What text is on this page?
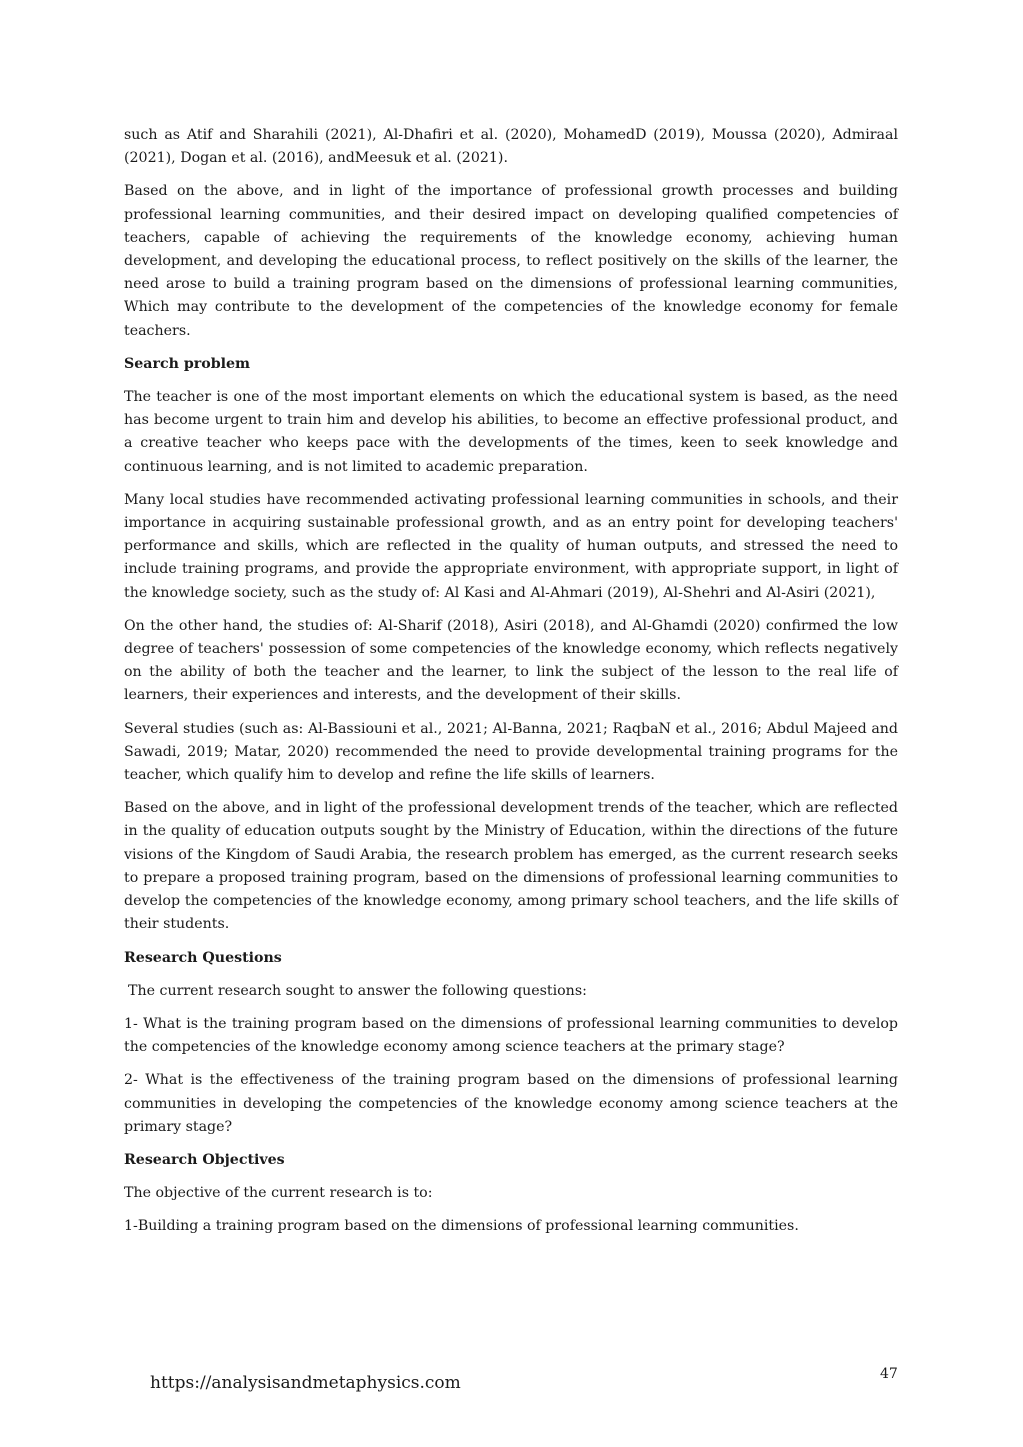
such as Atif and Sharahili (2021), Al-Dhafiri et al. (2020), MohamedD (2019), Moussa (2020), Admiraal (2021), Dogan et al. (2016), andMeesuk et al. (2021).

Based on the above, and in light of the importance of professional growth processes and building professional learning communities, and their desired impact on developing qualified competencies of teachers, capable of achieving the requirements of the knowledge economy, achieving human development, and developing the educational process, to reflect positively on the skills of the learner, the need arose to build a training program based on the dimensions of professional learning communities, Which may contribute to the development of the competencies of the knowledge economy for female teachers.

Search problem

The teacher is one of the most important elements on which the educational system is based, as the need has become urgent to train him and develop his abilities, to become an effective professional product, and a creative teacher who keeps pace with the developments of the times, keen to seek knowledge and continuous learning, and is not limited to academic preparation.

Many local studies have recommended activating professional learning communities in schools, and their importance in acquiring sustainable professional growth, and as an entry point for developing teachers' performance and skills, which are reflected in the quality of human outputs, and stressed the need to include training programs, and provide the appropriate environment, with appropriate support, in light of the knowledge society, such as the study of: Al Kasi and Al-Ahmari (2019), Al-Shehri and Al-Asiri (2021),

On the other hand, the studies of: Al-Sharif (2018), Asiri (2018), and Al-Ghamdi (2020) confirmed the low degree of teachers' possession of some competencies of the knowledge economy, which reflects negatively on the ability of both the teacher and the learner, to link the subject of the lesson to the real life of learners, their experiences and interests, and the development of their skills.

Several studies (such as: Al-Bassiouni et al., 2021; Al-Banna, 2021; RaqbaN et al., 2016; Abdul Majeed and Sawadi, 2019; Matar, 2020) recommended the need to provide developmental training programs for the teacher, which qualify him to develop and refine the life skills of learners.

Based on the above, and in light of the professional development trends of the teacher, which are reflected in the quality of education outputs sought by the Ministry of Education, within the directions of the future visions of the Kingdom of Saudi Arabia, the research problem has emerged, as the current research seeks to prepare a proposed training program, based on the dimensions of professional learning communities to develop the competencies of the knowledge economy, among primary school teachers, and the life skills of their students.

Research Questions

The current research sought to answer the following questions:

1- What is the training program based on the dimensions of professional learning communities to develop the competencies of the knowledge economy among science teachers at the primary stage?

2- What is the effectiveness of the training program based on the dimensions of professional learning communities in developing the competencies of the knowledge economy among science teachers at the primary stage?

Research Objectives

The objective of the current research is to:

1-Building a training program based on the dimensions of professional learning communities.

https://analysisandmetaphysics.com	47
